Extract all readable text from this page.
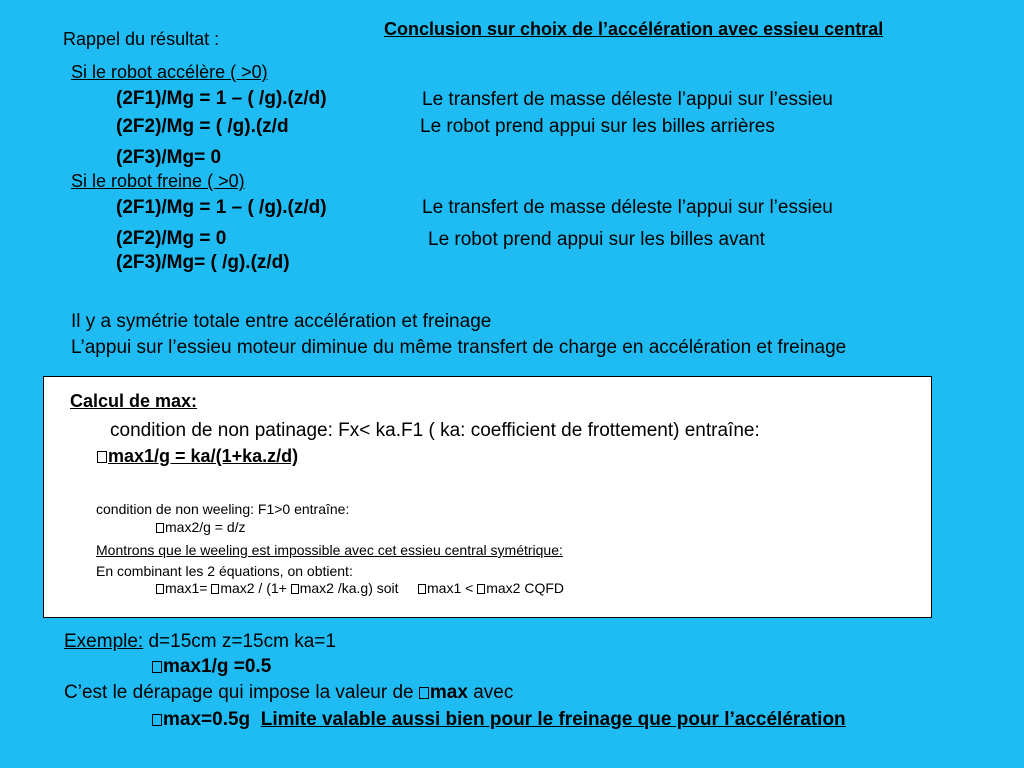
Conclusion sur choix de l’accélération avec essieu central
Rappel du résultat :
Si le robot accélère ( >0)
(2F1)/Mg = 1 – ( /g).(z/d)	Le transfert de masse déleste l’appui sur l’essieu
(2F2)/Mg = ( /g).(z/d	Le robot prend appui sur les billes arrières
(2F3)/Mg= 0
Si le robot freine ( >0)
(2F1)/Mg = 1 – ( /g).(z/d)	Le transfert de masse déleste l’appui sur l’essieu
(2F2)/Mg = 0	Le robot prend appui sur les billes avant
(2F3)/Mg= ( /g).(z/d)
Il y a symétrie totale entre accélération et freinage
L’appui sur l’essieu moteur diminue du même transfert de charge en accélération et freinage
Calcul de max:
condition de non patinage: Fx< ka.F1 ( ka: coefficient de frottement) entraîne:
max1/g = ka/(1+ka.z/d)
condition de non weeling: F1>0 entraîne:
max2/g = d/z
Montrons que le weeling est impossible avec cet essieu central symétrique:
En combinant les 2 équations, on obtient:
max1= max2 / (1+ max2 /ka.g) soit max1 < max2 CQFD
Exemple: d=15cm z=15cm ka=1
max1/g =0.5
C’est le dérapage qui impose la valeur de max avec
max=0.5g Limite valable aussi bien pour le freinage que pour l’accélération
